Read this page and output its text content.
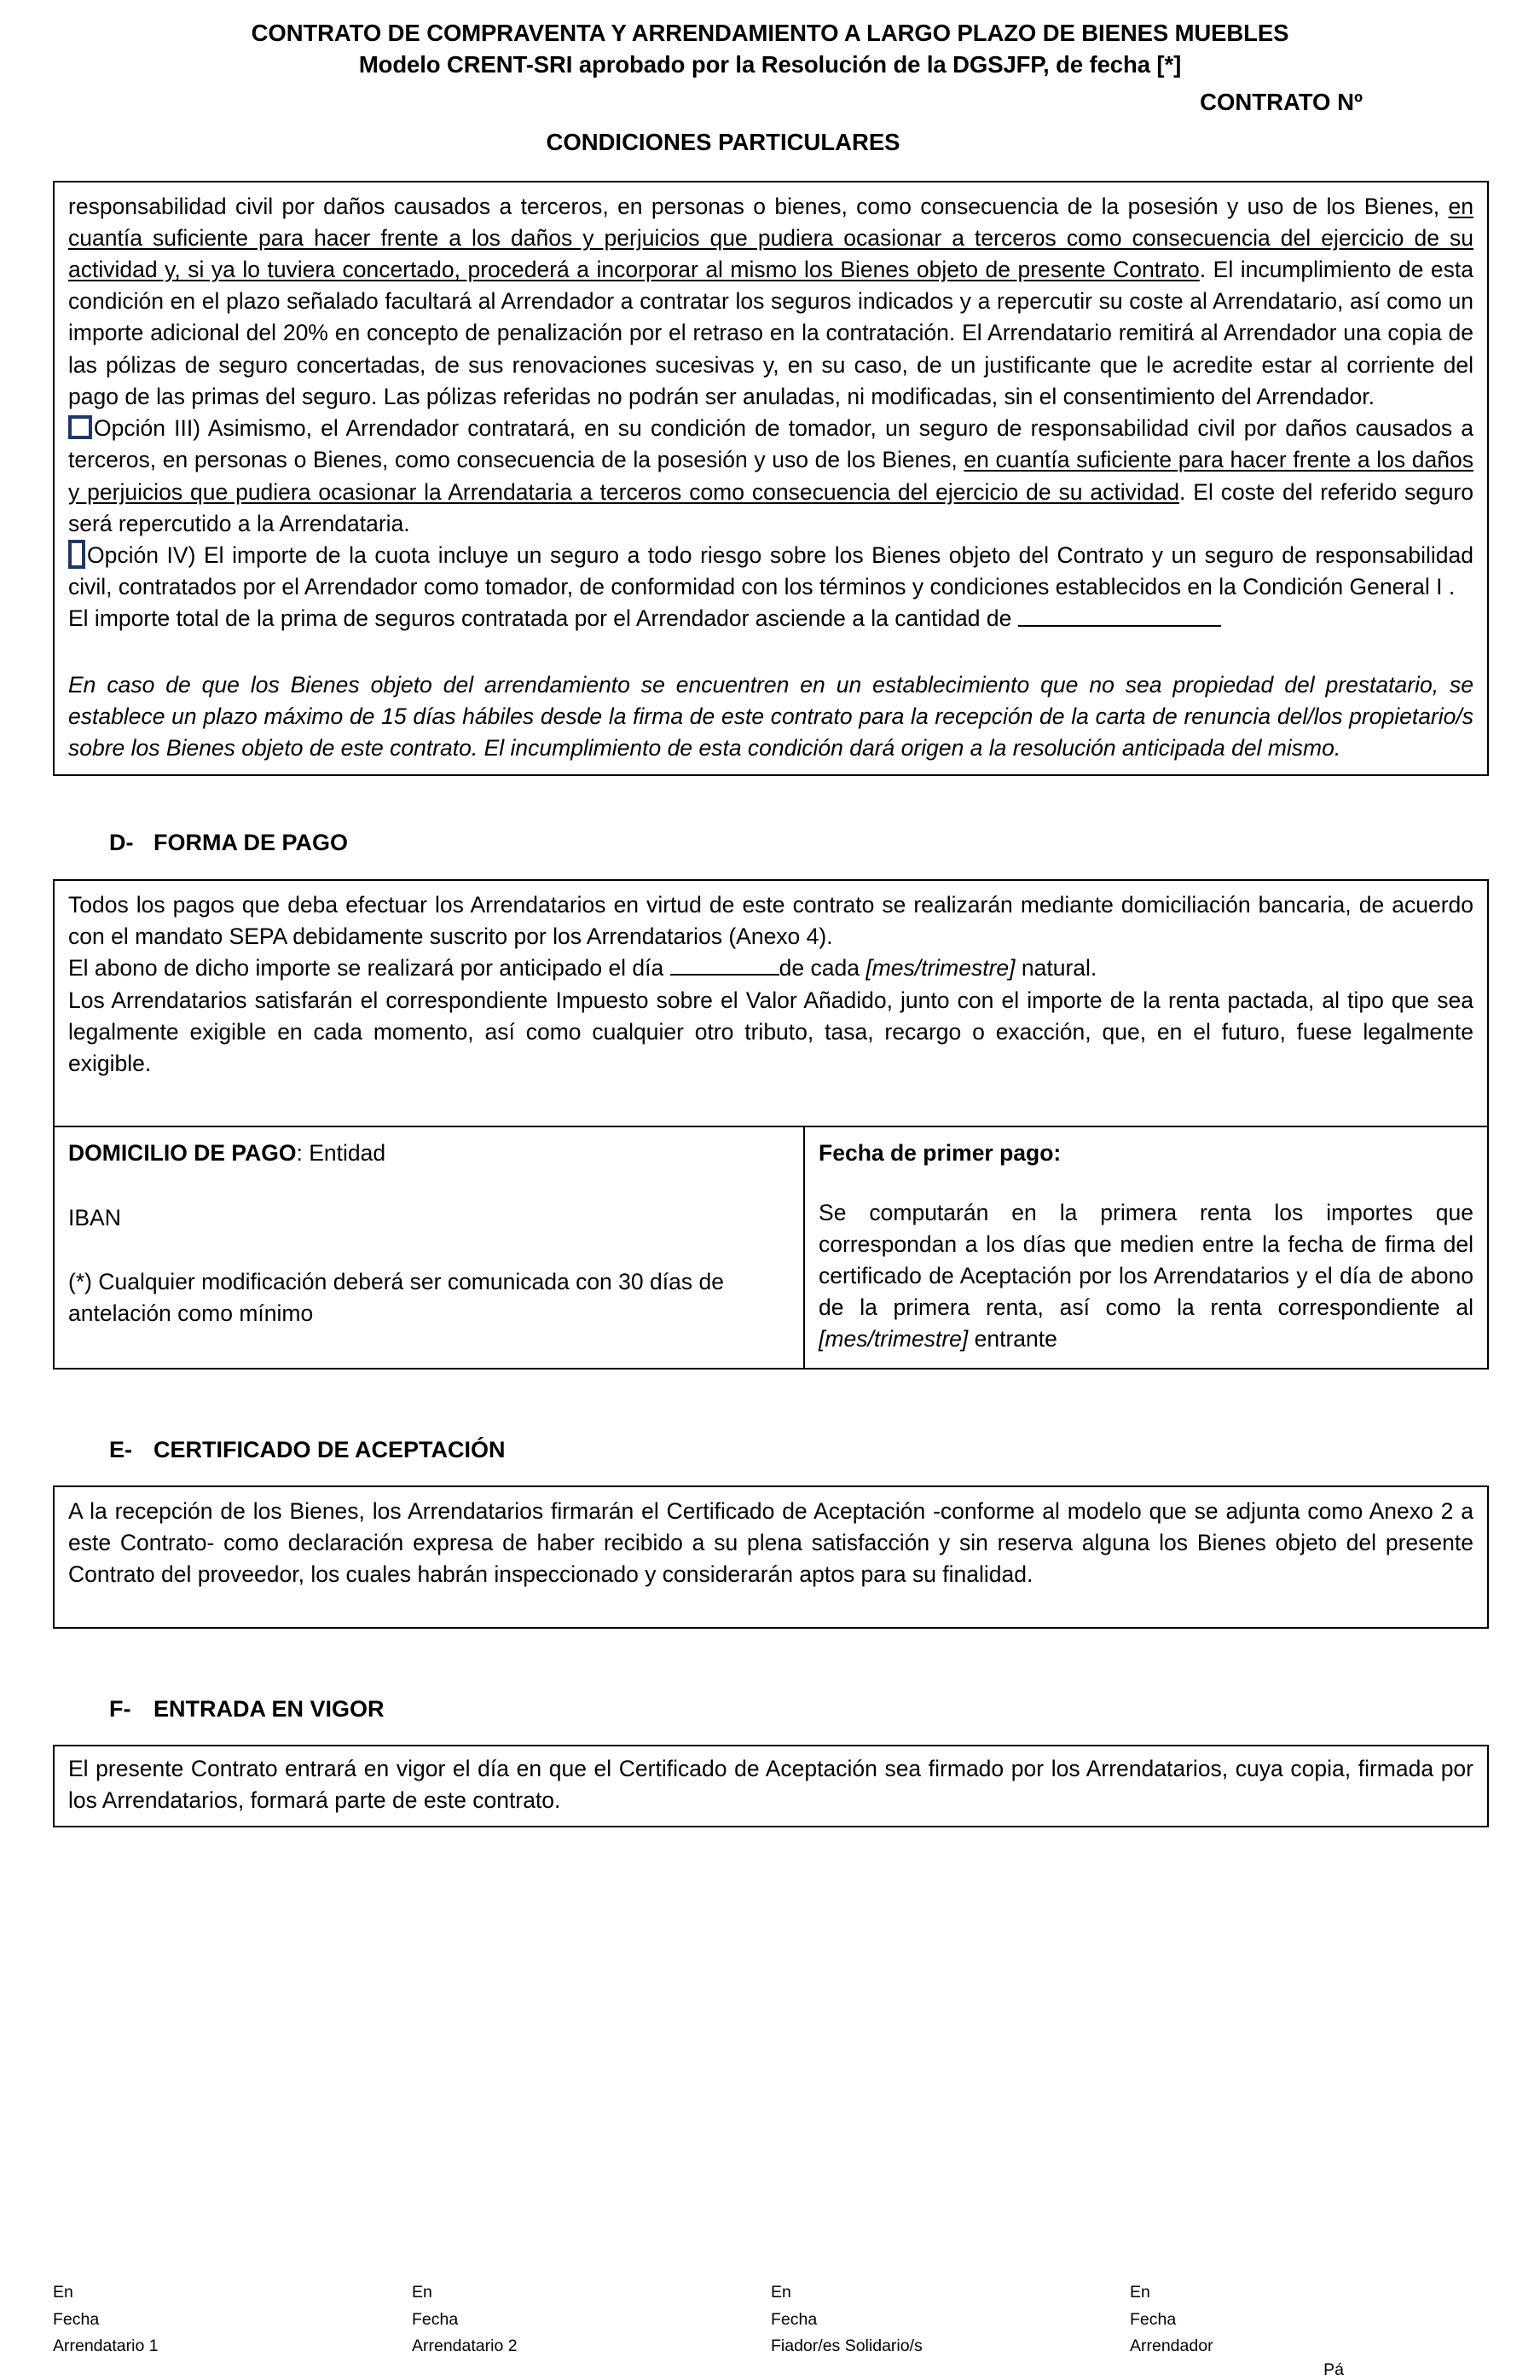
CONTRATO DE COMPRAVENTA Y ARRENDAMIENTO A LARGO PLAZO DE BIENES MUEBLES
Modelo CRENT-SRI aprobado por la Resolución de la DGSJFP, de fecha [*]
CONTRATO Nº
CONDICIONES PARTICULARES
responsabilidad civil por daños causados a terceros, en personas o bienes, como consecuencia de la posesión y uso de los Bienes, en cuantía suficiente para hacer frente a los daños y perjuicios que pudiera ocasionar a terceros como consecuencia del ejercicio de su actividad y, si ya lo tuviera concertado, procederá a incorporar al mismo los Bienes objeto de presente Contrato. El incumplimiento de esta condición en el plazo señalado facultará al Arrendador a contratar los seguros indicados y a repercutir su coste al Arrendatario, así como un importe adicional del 20% en concepto de penalización por el retraso en la contratación. El Arrendatario remitirá al Arrendador una copia de las pólizas de seguro concertadas, de sus renovaciones sucesivas y, en su caso, de un justificante que le acredite estar al corriente del pago de las primas del seguro. Las pólizas referidas no podrán ser anuladas, ni modificadas, sin el consentimiento del Arrendador.
Opción III) Asimismo, el Arrendador contratará, en su condición de tomador, un seguro de responsabilidad civil por daños causados a terceros, en personas o Bienes, como consecuencia de la posesión y uso de los Bienes, en cuantía suficiente para hacer frente a los daños y perjuicios que pudiera ocasionar la Arrendataria a terceros como consecuencia del ejercicio de su actividad. El coste del referido seguro será repercutido a la Arrendataria.
Opción IV) El importe de la cuota incluye un seguro a todo riesgo sobre los Bienes objeto del Contrato y un seguro de responsabilidad civil, contratados por el Arrendador como tomador, de conformidad con los términos y condiciones establecidos en la Condición General I .
El importe total de la prima de seguros contratada por el Arrendador asciende a la cantidad de
En caso de que los Bienes objeto del arrendamiento se encuentren en un establecimiento que no sea propiedad del prestatario, se establece un plazo máximo de 15 días hábiles desde la firma de este contrato para la recepción de la carta de renuncia del/los propietario/s sobre los Bienes objeto de este contrato. El incumplimiento de esta condición dará origen a la resolución anticipada del mismo.
D- FORMA DE PAGO
Todos los pagos que deba efectuar los Arrendatarios en virtud de este contrato se realizarán mediante domiciliación bancaria, de acuerdo con el mandato SEPA debidamente suscrito por los Arrendatarios (Anexo 4).
El abono de dicho importe se realizará por anticipado el día	de cada [mes/trimestre] natural.
Los Arrendatarios satisfarán el correspondiente Impuesto sobre el Valor Añadido, junto con el importe de la renta pactada, al tipo que sea legalmente exigible en cada momento, así como cualquier otro tributo, tasa, recargo o exacción, que, en el futuro, fuese legalmente exigible.
DOMICILIO DE PAGO: Entidad
IBAN
(*) Cualquier modificación deberá ser comunicada con 30 días de antelación como mínimo

Fecha de primer pago:
Se computarán en la primera renta los importes que correspondan a los días que medien entre la fecha de firma del certificado de Aceptación por los Arrendatarios y el día de abono de la primera renta, así como la renta correspondiente al [mes/trimestre] entrante
E- CERTIFICADO DE ACEPTACIÓN
A la recepción de los Bienes, los Arrendatarios firmarán el Certificado de Aceptación -conforme al modelo que se adjunta como Anexo 2 a este Contrato- como declaración expresa de haber recibido a su plena satisfacción y sin reserva alguna los Bienes objeto del presente Contrato del proveedor, los cuales habrán inspeccionado y considerarán aptos para su finalidad.
F- ENTRADA EN VIGOR
El presente Contrato entrará en vigor el día en que el Certificado de Aceptación sea firmado por los Arrendatarios, cuya copia, firmada por los Arrendatarios, formará parte de este contrato.
En
Fecha
Arrendatario 1
En
Fecha
Arrendatario 2
En
Fecha
Fiador/es Solidario/s
En
Fecha
Arrendador
Pá
